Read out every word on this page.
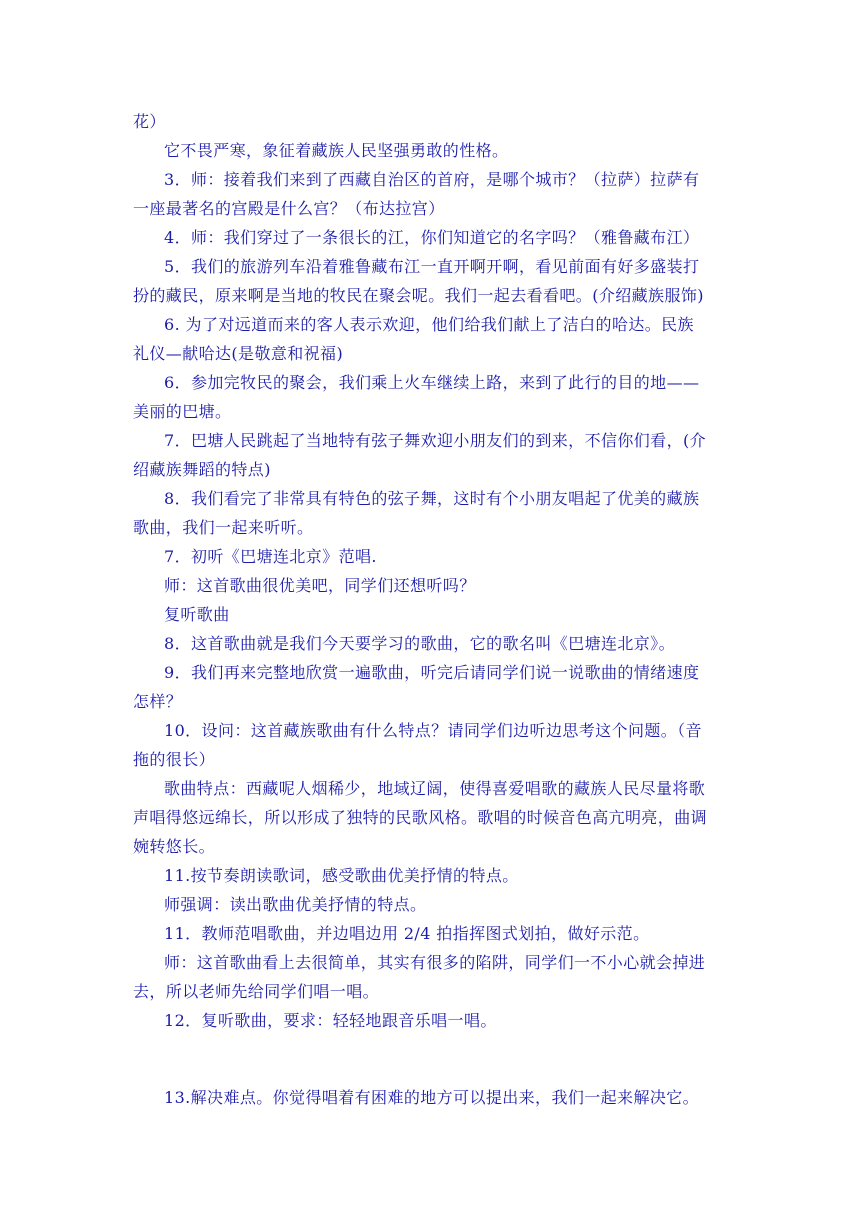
花）
它不畏严寒，象征着藏族人民坚强勇敢的性格。
3．师：接着我们来到了西藏自治区的首府，是哪个城市？（拉萨）拉萨有
一座最著名的宫殿是什么宫？（布达拉宫）
4．师：我们穿过了一条很长的江，你们知道它的名字吗？（雅鲁藏布江）
5．我们的旅游列车沿着雅鲁藏布江一直开啊开啊，看见前面有好多盛装打
扮的藏民，原来啊是当地的牧民在聚会呢。我们一起去看看吧。(介绍藏族服饰)
6. 为了对远道而来的客人表示欢迎，他们给我们献上了洁白的哈达。民族
礼仪—献哈达(是敬意和祝福)
6．参加完牧民的聚会，我们乘上火车继续上路，来到了此行的目的地——
美丽的巴塘。
7．巴塘人民跳起了当地特有弦子舞欢迎小朋友们的到来，不信你们看，(介
绍藏族舞蹈的特点)
8．我们看完了非常具有特色的弦子舞，这时有个小朋友唱起了优美的藏族
歌曲，我们一起来听听。
7．初听《巴塘连北京》范唱.
师：这首歌曲很优美吧，同学们还想听吗？
复听歌曲
8．这首歌曲就是我们今天要学习的歌曲，它的歌名叫《巴塘连北京》。
9．我们再来完整地欣赏一遍歌曲，听完后请同学们说一说歌曲的情绪速度
怎样？
10．设问：这首藏族歌曲有什么特点？请同学们边听边思考这个问题。（音
拖的很长）
歌曲特点：西藏呢人烟稀少，地域辽阔，使得喜爱唱歌的藏族人民尽量将歌
声唱得悠远绵长，所以形成了独特的民歌风格。歌唱的时候音色高亢明亮，曲调
婉转悠长。
11.按节奏朗读歌词，感受歌曲优美抒情的特点。
师强调：读出歌曲优美抒情的特点。
11．教师范唱歌曲，并边唱边用 2/4 拍指挥图式划拍，做好示范。
师：这首歌曲看上去很简单，其实有很多的陷阱，同学们一不小心就会掉进
去，所以老师先给同学们唱一唱。
12．复听歌曲，要求：轻轻地跟音乐唱一唱。
13.解决难点。你觉得唱着有困难的地方可以提出来，我们一起来解决它。
